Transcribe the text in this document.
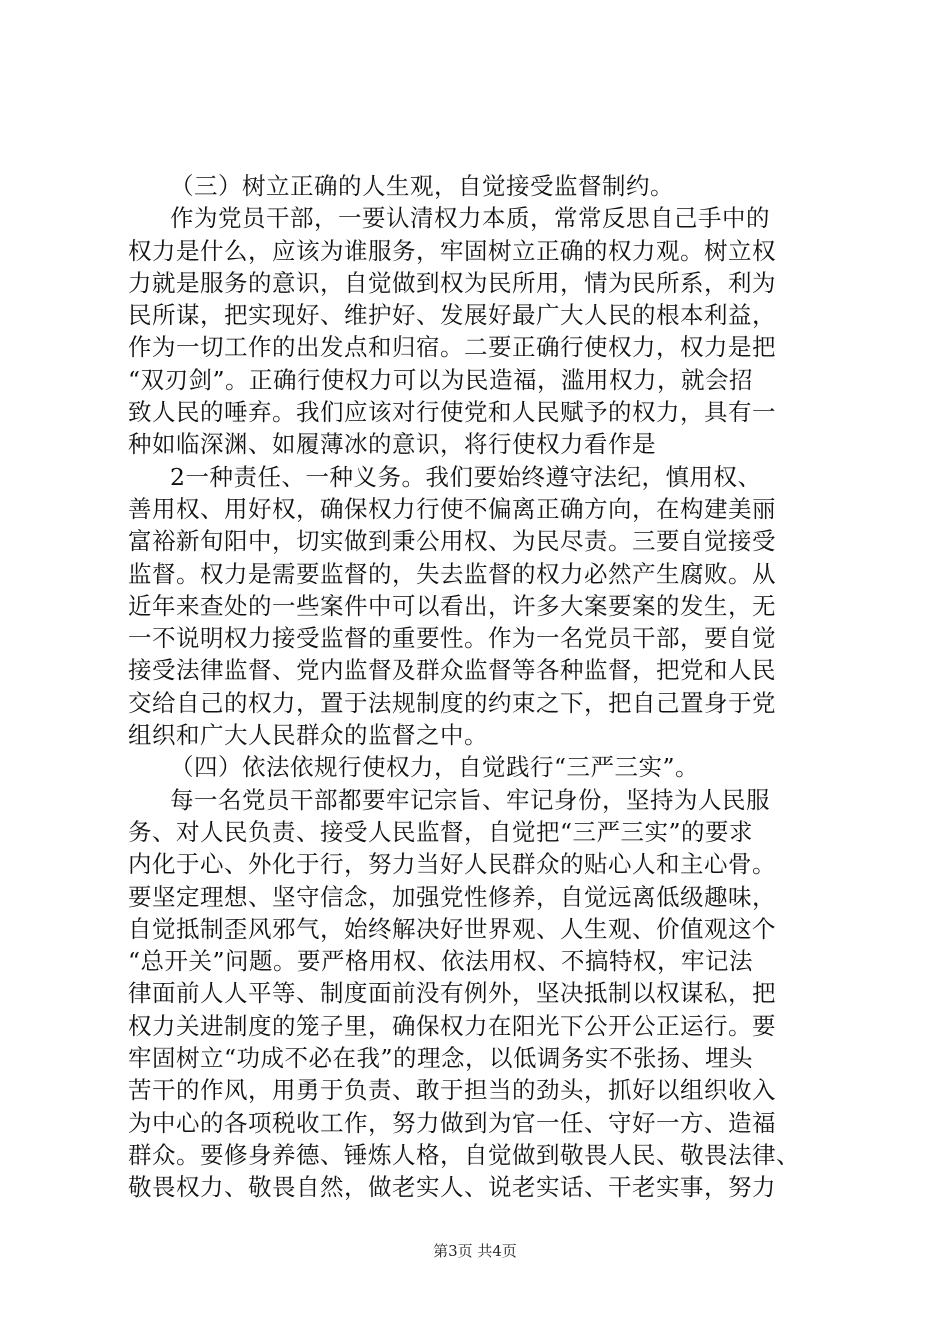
（三）树立正确的人生观，自觉接受监督制约。
作为党员干部，一要认清权力本质，常常反思自己手中的
权力是什么，应该为谁服务，牢固树立正确的权力观。树立权
力就是服务的意识，自觉做到权为民所用，情为民所系，利为
民所谋，把实现好、维护好、发展好最广大人民的根本利益，
作为一切工作的出发点和归宿。二要正确行使权力，权力是把
“双刃剑”。正确行使权力可以为民造福，滥用权力，就会招
致人民的唾弃。我们应该对行使党和人民赋予的权力，具有一
种如临深渊、如履薄冰的意识，将行使权力看作是
2一种责任、一种义务。我们要始终遵守法纪，慎用权、
善用权、用好权，确保权力行使不偏离正确方向，在构建美丽
富裕新旬阳中，切实做到秉公用权、为民尽责。三要自觉接受
监督。权力是需要监督的，失去监督的权力必然产生腐败。从
近年来查处的一些案件中可以看出，许多大案要案的发生，无
一不说明权力接受监督的重要性。作为一名党员干部，要自觉
接受法律监督、党内监督及群众监督等各种监督，把党和人民
交给自己的权力，置于法规制度的约束之下，把自己置身于党
组织和广大人民群众的监督之中。
（四）依法依规行使权力，自觉践行“三严三实”。
每一名党员干部都要牢记宗旨、牢记身份，坚持为人民服
务、对人民负责、接受人民监督，自觉把“三严三实”的要求
内化于心、外化于行，努力当好人民群众的贴心人和主心骨。
要坚定理想、坚守信念，加强党性修养，自觉远离低级趣味，
自觉抵制歪风邪气，始终解决好世界观、人生观、价值观这个
“总开关”问题。要严格用权、依法用权、不搞特权，牢记法
律面前人人平等、制度面前没有例外，坚决抵制以权谋私，把
权力关进制度的笼子里，确保权力在阳光下公开公正运行。要
牢固树立“功成不必在我”的理念，以低调务实不张扬、埋头
苦干的作风，用勇于负责、敢于担当的劲头，抓好以组织收入
为中心的各项税收工作，努力做到为官一任、守好一方、造福
群众。要修身养德、锤炼人格，自觉做到敬畏人民、敬畏法律、
敬畏权力、敬畏自然，做老实人、说老实话、干老实事，努力
第3页 共4页
